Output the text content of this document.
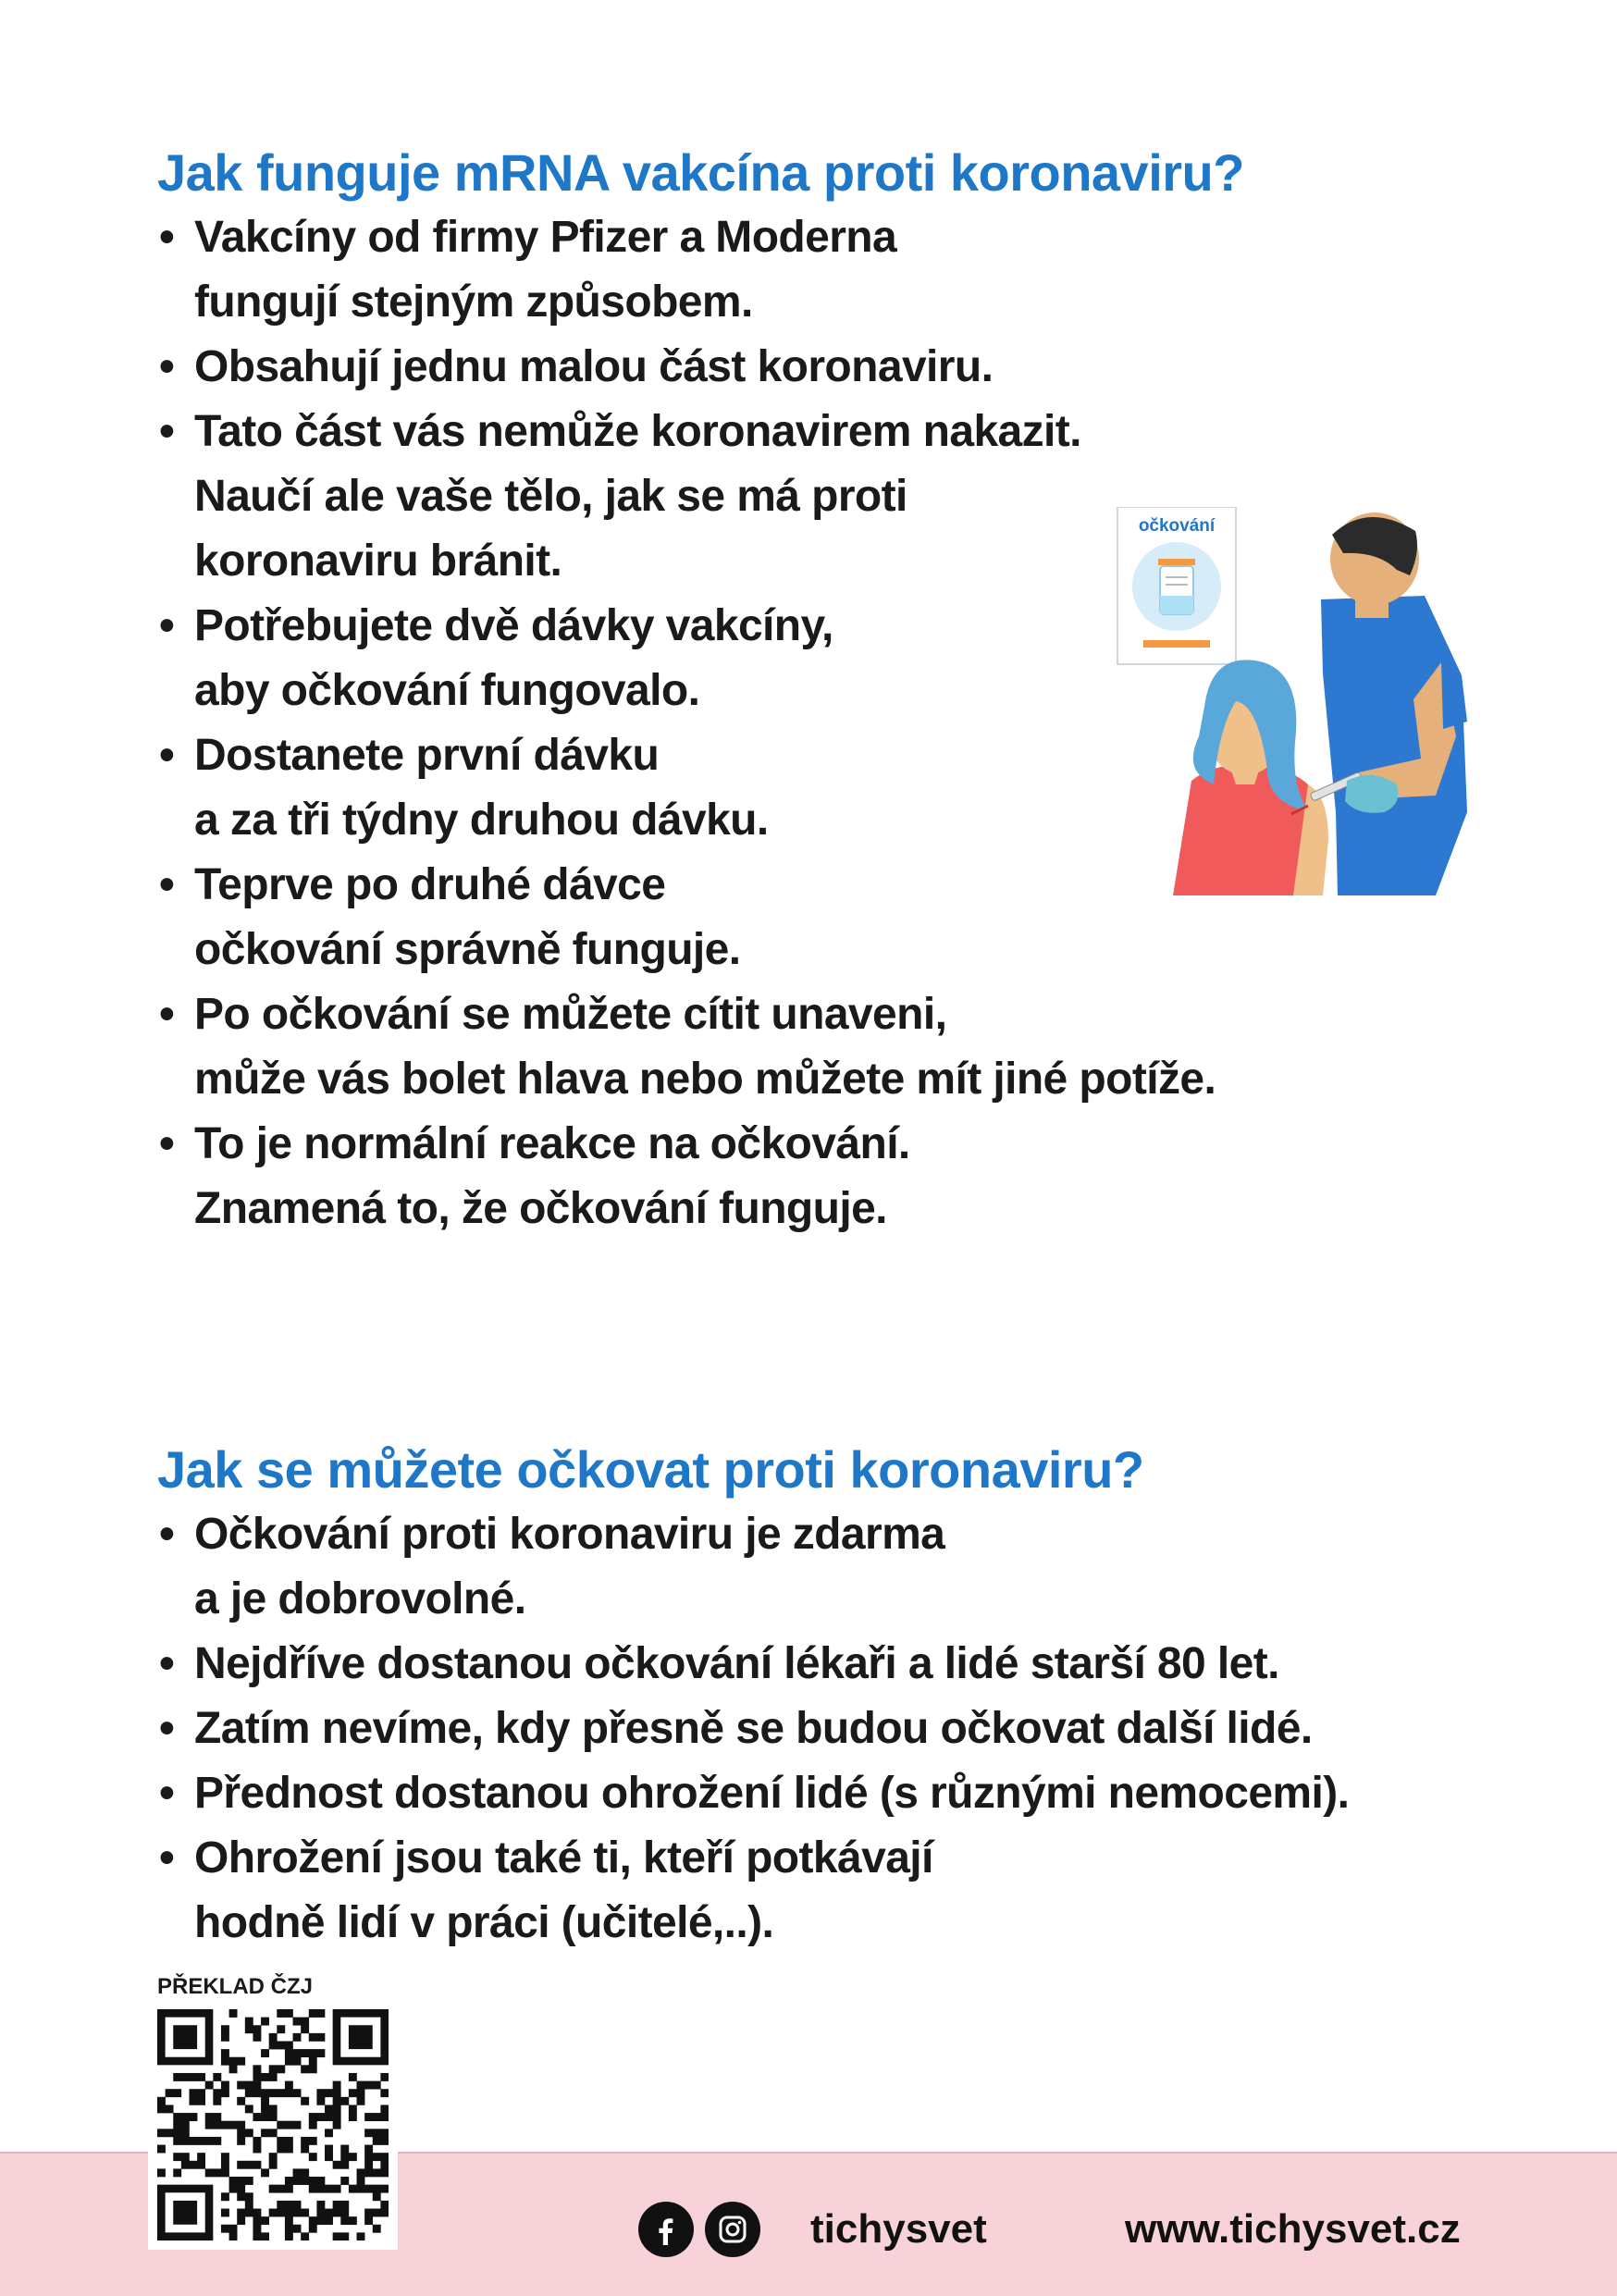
Jak funguje mRNA vakcína proti koronaviru?
• Vakcíny od firmy Pfizer a Moderna
fungují stejným způsobem.
• Obsahují jednu malou část koronaviru.
• Tato část vás nemůže koronavirem nakazit.
Naučí ale vaše tělo, jak se má proti
koronaviru bránit.
• Potřebujete dvě dávky vakcíny,
aby očkování fungovalo.
• Dostanete první dávku
a za tři týdny druhou dávku.
• Teprve po druhé dávce
očkování správně funguje.
• Po očkování se můžete cítit unaveni,
může vás bolet hlava nebo můžete mít jiné potíže.
• To je normální reakce na očkování.
Znamená to, že očkování funguje.
očkování
Jak se můžete očkovat proti koronaviru?
• Očkování proti koronaviru je zdarma
a je dobrovolné.
• Nejdříve dostanou očkování lékaři a lidé starší 80 let.
• Zatím nevíme, kdy přesně se budou očkovat další lidé.
• Přednost dostanou ohrožení lidé (s různými nemocemi).
• Ohrožení jsou také ti, kteří potkávají
hodně lidí v práci (učitelé,..).

PŘEKLAD ČZJ

tichysvet	www.tichysvet.cz
